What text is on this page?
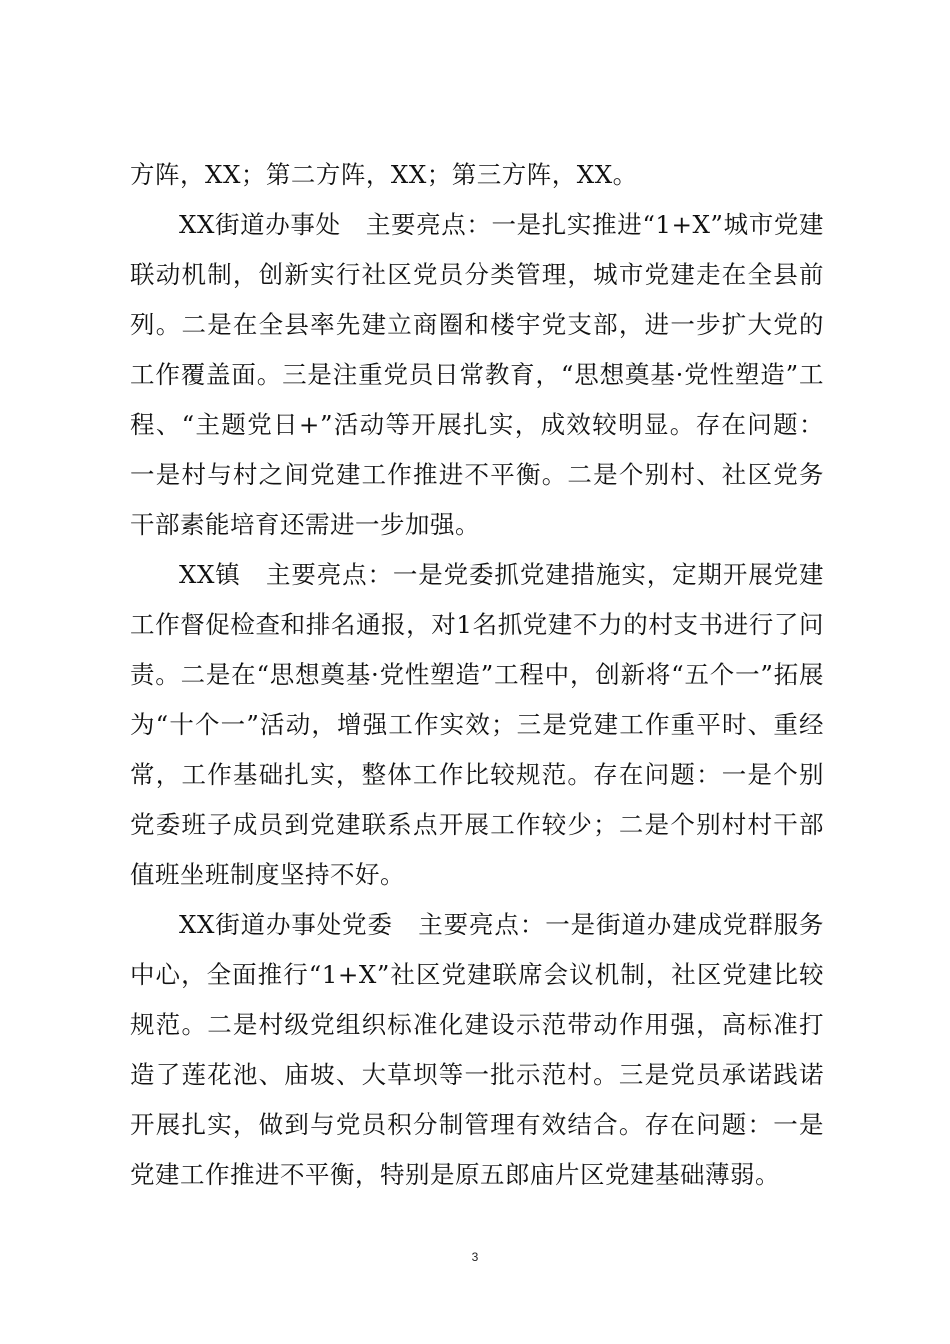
方阵，XX；第二方阵，XX；第三方阵，XX。

XX街道办事处　主要亮点：一是扎实推进“1+X”城市党建联动机制，创新实行社区党员分类管理，城市党建走在全县前列。二是在全县率先建立商圈和楼宇党支部，进一步扩大党的工作覆盖面。三是注重党员日常教育，“思想奠基·党性塑造”工程、“主题党日+”活动等开展扎实，成效较明显。存在问题：一是村与村之间党建工作推进不平衡。二是个别村、社区党务干部素能培育还需进一步加强。

XX镇　主要亮点：一是党委抓党建措施实，定期开展党建工作督促检查和排名通报，对1名抓党建不力的村支书进行了问责。二是在“思想奠基·党性塑造”工程中，创新将“五个一”拓展为“十个一”活动，增强工作实效；三是党建工作重平时、重经常，工作基础扎实，整体工作比较规范。存在问题：一是个别党委班子成员到党建联系点开展工作较少；二是个别村村干部值班坐班制度坚持不好。

XX街道办事处党委　主要亮点：一是街道办建成党群服务中心，全面推行“1+X”社区党建联席会议机制，社区党建比较规范。二是村级党组织标准化建设示范带动作用强，高标准打造了莲花池、庙坡、大草坝等一批示范村。三是党员承诺践诺开展扎实，做到与党员积分制管理有效结合。存在问题：一是党建工作推进不平衡，特别是原五郎庙片区党建基础薄弱。

3
